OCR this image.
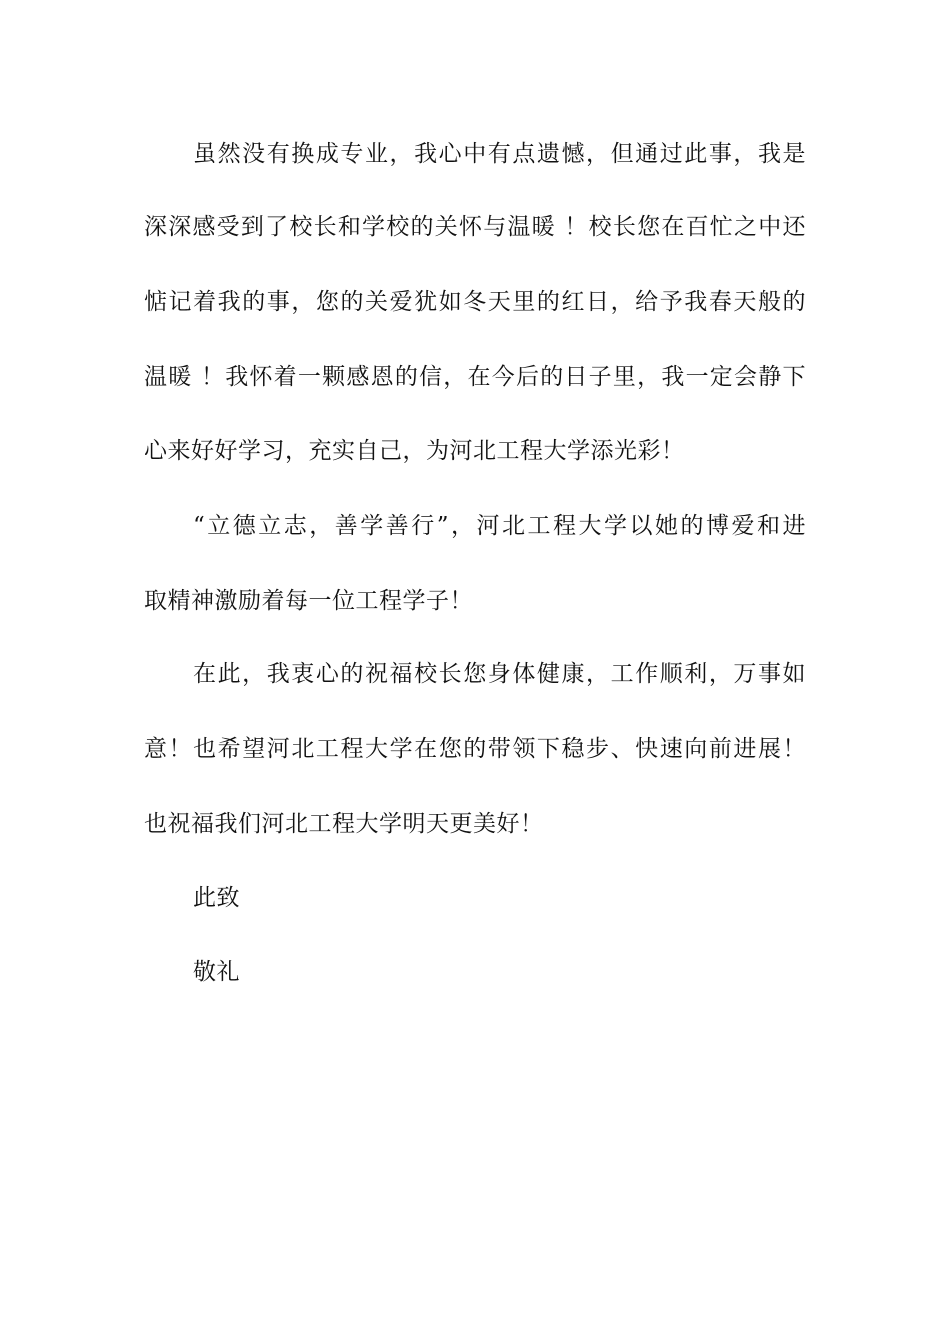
虽然没有换成专业，我心中有点遗憾，但通过此事，我是
深深感受到了校长和学校的关怀与温暖 ！校长您在百忙之中还
惦记着我的事，您的关爱犹如冬天里的红日，给予我春天般的
温暖 ！我怀着一颗感恩的信，在今后的日子里，我一定会静下
心来好好学习，充实自己，为河北工程大学添光彩！
“立德立志，善学善行”，河北工程大学以她的博爱和进
取精神激励着每一位工程学子！
在此，我衷心的祝福校长您身体健康，工作顺利，万事如
意！也希望河北工程大学在您的带领下稳步、快速向前进展！
也祝福我们河北工程大学明天更美好！
此致
敬礼
